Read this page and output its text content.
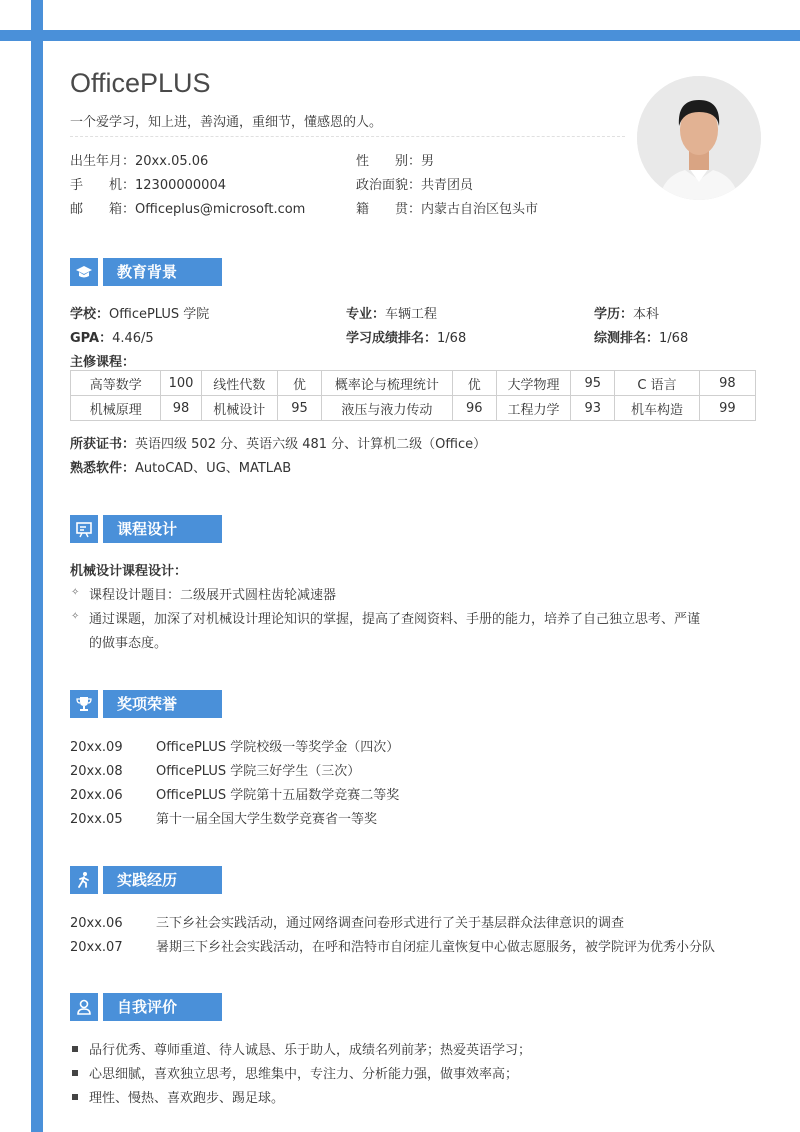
OfficePLUS
一个爱学习，知上进，善沟通，重细节，懂感恩的人。
出生年月：20xx.05.06
手　　机：12300000004
邮　　箱：Officeplus@microsoft.com
性　　别：男
政治面貌：共青团员
籍　　贯：内蒙古自治区包头市
教育背景
学校：OfficePLUS 学院	专业：车辆工程	学历：本科
GPA：4.46/5	学习成绩排名：1/68	综测排名：1/68
主修课程：
高等数学	100	线性代数	优	概率论与梳理统计	优	大学物理	95	C 语言	98
机械原理	98	机械设计	95	液压与液力传动	96	工程力学	93	机车构造	99
所获证书：英语四级 502 分、英语六级 481 分、计算机二级（Office）
熟悉软件：AutoCAD、UG、MATLAB
课程设计
机械设计课程设计：
✧ 课程设计题目：二级展开式圆柱齿轮减速器
✧ 通过课题，加深了对机械设计理论知识的掌握，提高了查阅资料、手册的能力，培养了自己独立思考、严谨
的做事态度。
奖项荣誉
20xx.09	OfficePLUS 学院校级一等奖学金（四次）
20xx.08	OfficePLUS 学院三好学生（三次）
20xx.06	OfficePLUS 学院第十五届数学竞赛二等奖
20xx.05	第十一届全国大学生数学竞赛省一等奖
实践经历
20xx.06	三下乡社会实践活动，通过网络调查问卷形式进行了关于基层群众法律意识的调查
20xx.07	暑期三下乡社会实践活动，在呼和浩特市自闭症儿童恢复中心做志愿服务，被学院评为优秀小分队
自我评价
品行优秀、尊师重道、待人诚恳、乐于助人，成绩名列前茅；热爱英语学习；
心思细腻，喜欢独立思考，思维集中，专注力、分析能力强，做事效率高；
理性、慢热、喜欢跑步、踢足球。
